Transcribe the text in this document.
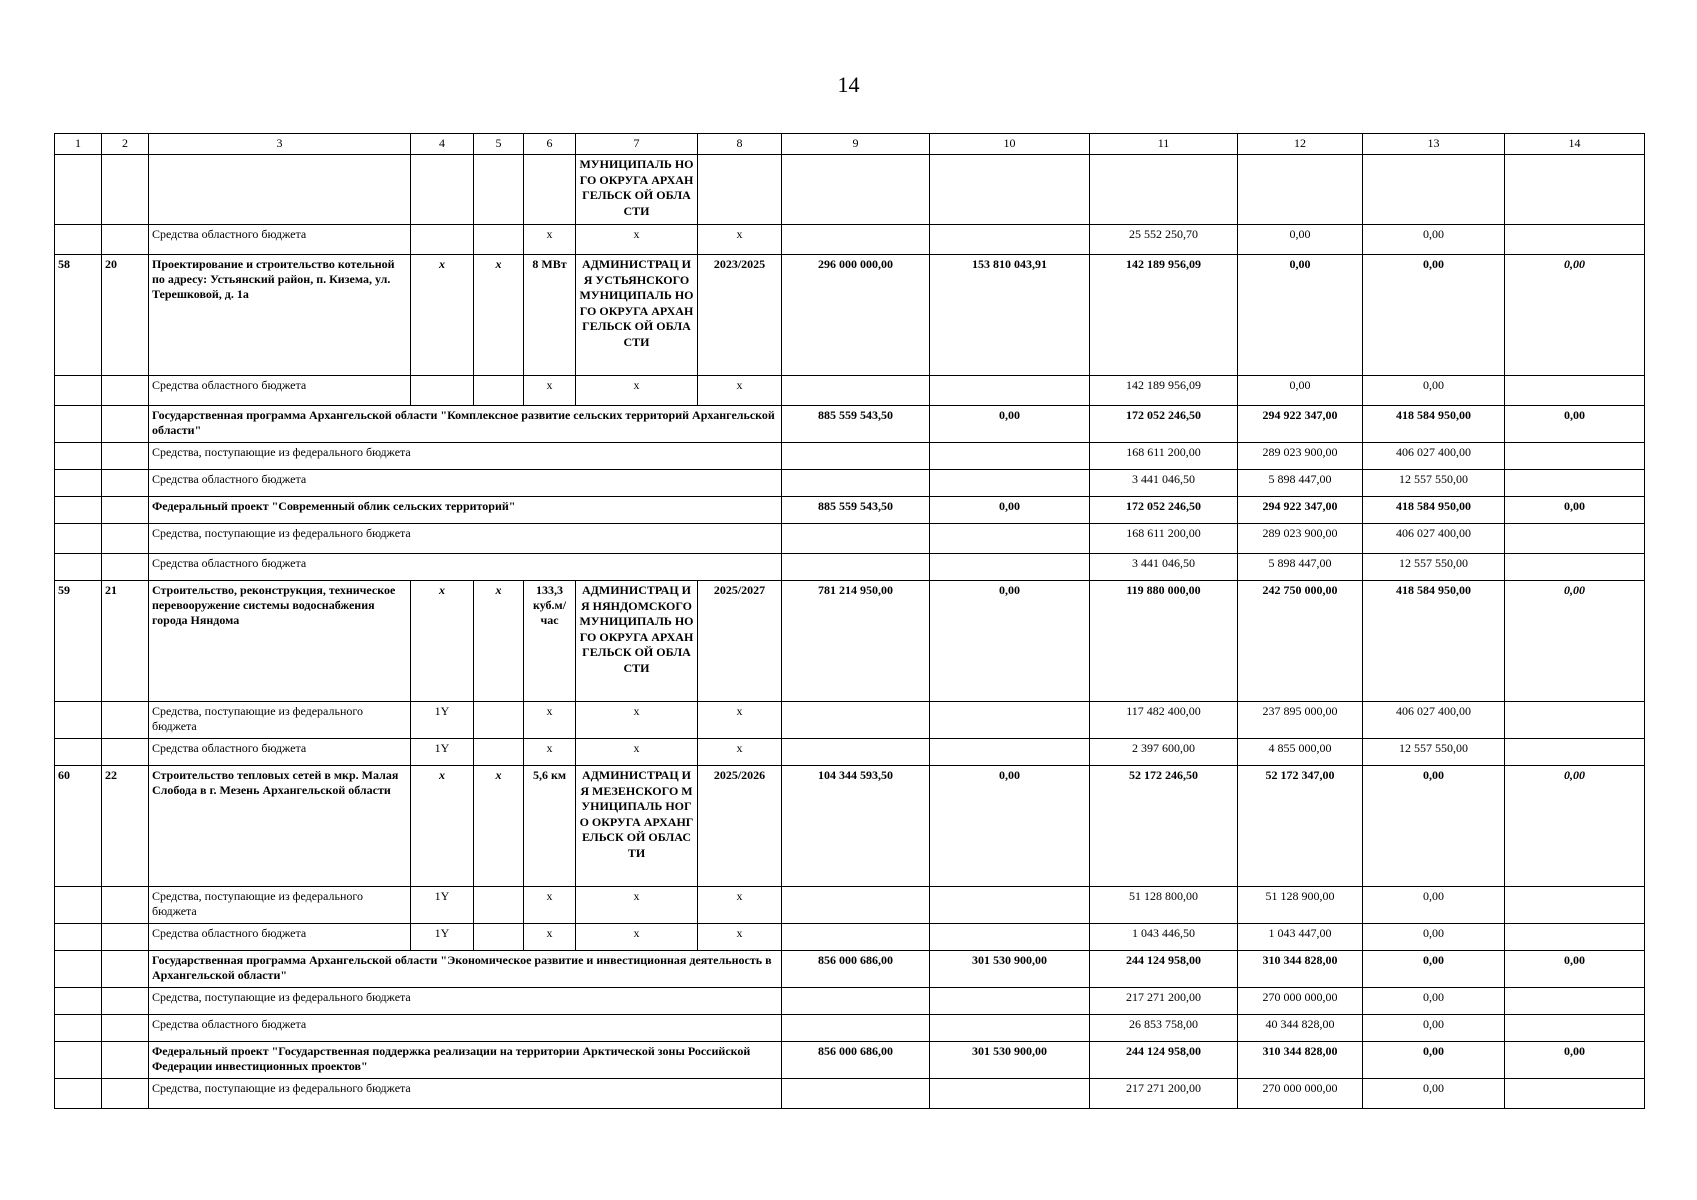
14
1	2	3	4	5	6	7	8	9	10	11	12	13	14
						МУНИЦИПАЛЬ НОГО ОКРУГА АРХАНГЕЛЬСК ОЙ ОБЛАСТИ							
		Средства областного бюджета			х	х	х			25 552 250,70	0,00	0,00	
58	20	Проектирование и строительство котельной по адресу: Устьянский район, п. Кизема, ул. Терешковой, д. 1а	х	х	8 МВт	АДМИНИСТРАЦ ИЯ УСТЬЯНСКОГО МУНИЦИПАЛЬ НОГО ОКРУГА АРХАНГЕЛЬСК ОЙ ОБЛАСТИ	2023/2025	296 000 000,00	153 810 043,91	142 189 956,09	0,00	0,00	0,00
		Средства областного бюджета			х	х	х			142 189 956,09	0,00	0,00	
		Государственная программа Архангельской области "Комплексное развитие сельских территорий Архангельской области"						885 559 543,50	0,00	172 052 246,50	294 922 347,00	418 584 950,00	0,00
		Средства, поступающие из федерального бюджета								168 611 200,00	289 023 900,00	406 027 400,00	
		Средства областного бюджета								3 441 046,50	5 898 447,00	12 557 550,00	
		Федеральный проект "Современный облик сельских территорий"						885 559 543,50	0,00	172 052 246,50	294 922 347,00	418 584 950,00	0,00
		Средства, поступающие из федерального бюджета								168 611 200,00	289 023 900,00	406 027 400,00	
		Средства областного бюджета								3 441 046,50	5 898 447,00	12 557 550,00	
59	21	Строительство, реконструкция, техническое перевооружение системы водоснабжения города Няндома	х	х	133,3 куб.м/ час	АДМИНИСТРАЦ ИЯ НЯНДОМСКОГО МУНИЦИПАЛЬ НОГО ОКРУГА АРХАНГЕЛЬСК ОЙ ОБЛАСТИ	2025/2027	781 214 950,00	0,00	119 880 000,00	242 750 000,00	418 584 950,00	0,00
		Средства, поступающие из федерального бюджета	1Y		х	х	х			117 482 400,00	237 895 000,00	406 027 400,00	
		Средства областного бюджета	1Y		х	х	х			2 397 600,00	4 855 000,00	12 557 550,00	
60	22	Строительство тепловых сетей в мкр. Малая Слобода в г. Мезень Архангельской области	х	х	5,6 км	АДМИНИСТРАЦ ИЯ МЕЗЕНСКОГО МУНИЦИПАЛЬ НОГО ОКРУГА АРХАНГЕЛЬСК ОЙ ОБЛАСТИ	2025/2026	104 344 593,50	0,00	52 172 246,50	52 172 347,00	0,00	0,00
		Средства, поступающие из федерального бюджета	1Y		х	х	х			51 128 800,00	51 128 900,00	0,00	
		Средства областного бюджета	1Y		х	х	х			1 043 446,50	1 043 447,00	0,00	
		Государственная программа Архангельской области "Экономическое развитие и инвестиционная деятельность в Архангельской области"						856 000 686,00	301 530 900,00	244 124 958,00	310 344 828,00	0,00	0,00
		Средства, поступающие из федерального бюджета								217 271 200,00	270 000 000,00	0,00	
		Средства областного бюджета								26 853 758,00	40 344 828,00	0,00	
		Федеральный проект "Государственная поддержка реализации на территории Арктической зоны Российской Федерации инвестиционных проектов"						856 000 686,00	301 530 900,00	244 124 958,00	310 344 828,00	0,00	0,00
		Средства, поступающие из федерального бюджета								217 271 200,00	270 000 000,00	0,00	
